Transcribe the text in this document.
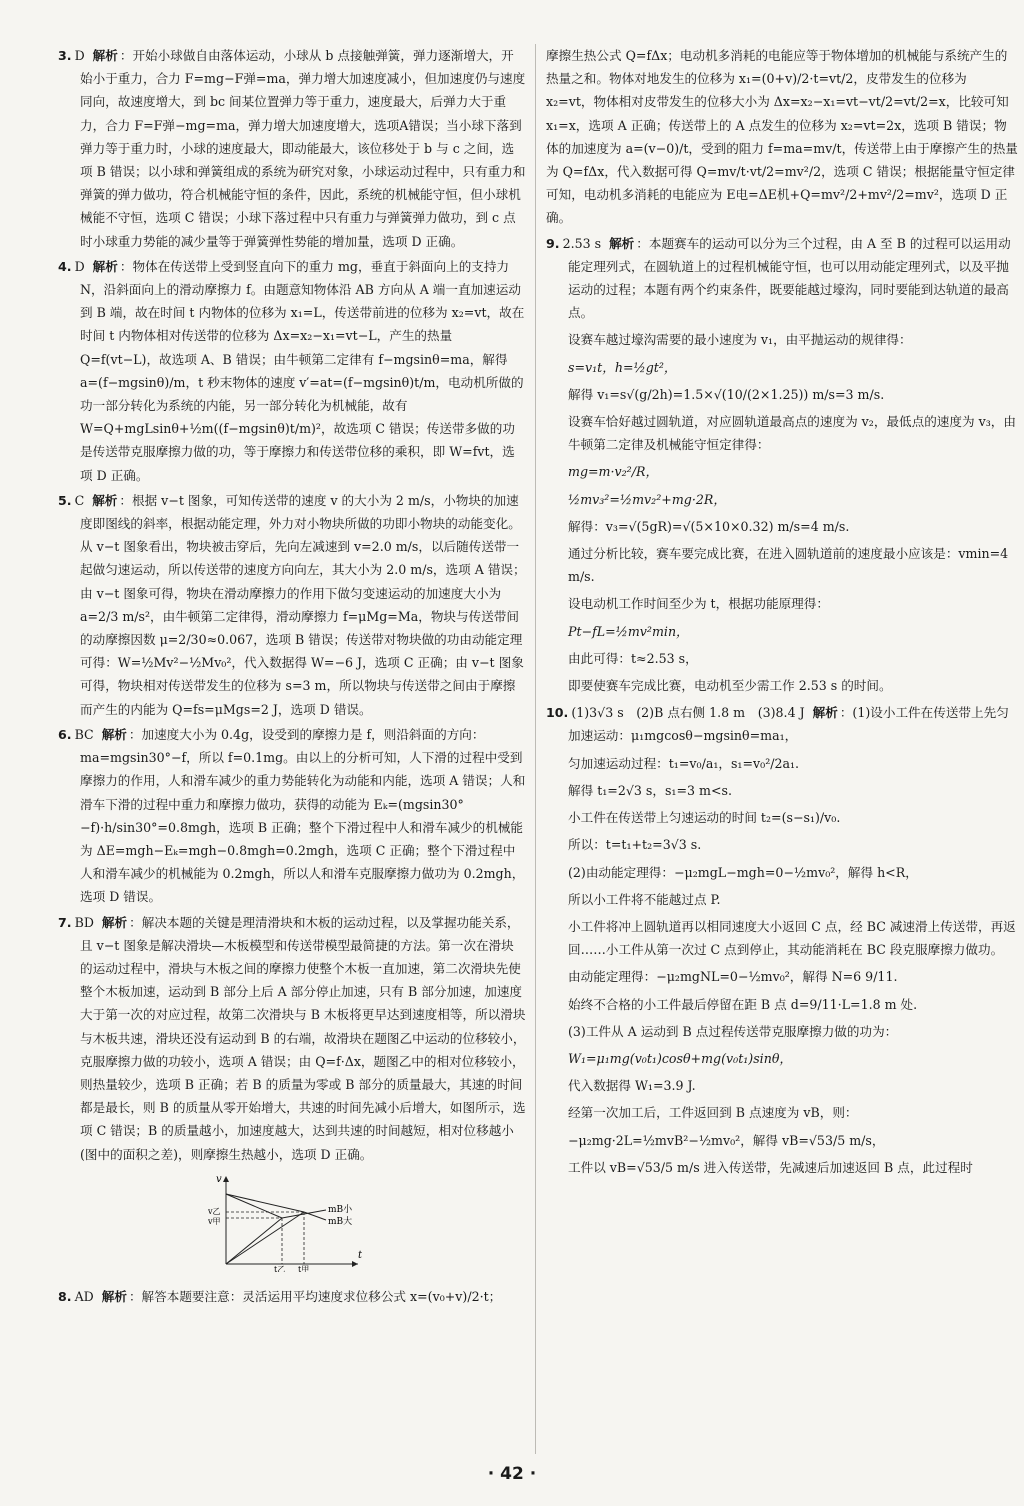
3. D 解析 ：开始小球做自由落体运动，小球从 b 点接触弹簧，弹力逐渐增大，开始小于重力，合力 F=mg−F弹=ma，弹力增大加速度减小，但加速度仍与速度同向，故速度增大，到 bc 间某位置弹力等于重力，速度最大，后弹力大于重力，合力 F=F弹−mg=ma，弹力增大加速度增大，选项A错误；当小球下落到弹力等于重力时，小球的速度最大，即动能最大，该位移处于 b 与 c 之间，选项 B 错误；以小球和弹簧组成的系统为研究对象，小球运动过程中，只有重力和弹簧的弹力做功，符合机械能守恒的条件，因此，系统的机械能守恒，但小球机械能不守恒，选项 C 错误；小球下落过程中只有重力与弹簧弹力做功，到 c 点时小球重力势能的减少量等于弹簧弹性势能的增加量，选项 D 正确。
4. D 解析 ：物体在传送带上受到竖直向下的重力 mg，垂直于斜面向上的支持力 N，沿斜面向上的滑动摩擦力 f。由题意知物体沿 AB 方向从 A 端一直加速运动到 B 端，故在时间 t 内物体的位移为 x₁=L，传送带前进的位移为 x₂=vt，故在时间 t 内物体相对传送带的位移为 Δx=x₂−x₁=vt−L，产生的热量 Q=f(vt−L)，故选项 A、B 错误；由牛顿第二定律有 f−mgsinθ=ma，解得 a=(f−mgsinθ)/m，t 秒末物体的速度 v′=at=(f−mgsinθ)t/m，电动机所做的功一部分转化为系统的内能，另一部分转化为机械能，故有 W=Q+mgLsinθ+½m((f−mgsinθ)t/m)²，故选项 C 错误；传送带多做的功是传送带克服摩擦力做的功，等于摩擦力和传送带位移的乘积，即 W=fvt，选项 D 正确。
5. C 解析 ：根据 v−t 图象，可知传送带的速度 v 的大小为 2 m/s，小物块的加速度即图线的斜率，根据动能定理，外力对小物块所做的功即小物块的动能变化。从 v−t 图象看出，物块被击穿后，先向左减速到 v=2.0 m/s，以后随传送带一起做匀速运动，所以传送带的速度方向向左，其大小为 2.0 m/s，选项 A 错误；由 v−t 图象可得，物块在滑动摩擦力的作用下做匀变速运动的加速度大小为 a=2/3 m/s²，由牛顿第二定律得，滑动摩擦力 f=μMg=Ma，物块与传送带间的动摩擦因数 μ=2/30≈0.067，选项 B 错误；传送带对物块做的功由动能定理可得：W=½Mv²−½Mv₀²，代入数据得 W=−6 J，选项 C 正确；由 v−t 图象可得，物块相对传送带发生的位移为 s=3 m，所以物块与传送带之间由于摩擦而产生的内能为 Q=fs=μMgs=2 J，选项 D 错误。
6. BC 解析 ：加速度大小为 0.4g，设受到的摩擦力是 f，则沿斜面的方向：ma=mgsin30°−f，所以 f=0.1mg。由以上的分析可知，人下滑的过程中受到摩擦力的作用，人和滑车减少的重力势能转化为动能和内能，选项 A 错误；人和滑车下滑的过程中重力和摩擦力做功，获得的动能为 Eₖ=(mgsin30°−f)·h/sin30°=0.8mgh，选项 B 正确；整个下滑过程中人和滑车减少的机械能为 ΔE=mgh−Eₖ=mgh−0.8mgh=0.2mgh，选项 C 正确；整个下滑过程中人和滑车减少的机械能为 0.2mgh，所以人和滑车克服摩擦力做功为 0.2mgh，选项 D 错误。
7. BD 解析 ：解决本题的关键是理清滑块和木板的运动过程，以及掌握功能关系，且 v−t 图象是解决滑块—木板模型和传送带模型最简捷的方法。第一次在滑块的运动过程中，滑块与木板之间的摩擦力使整个木板一直加速，第二次滑块先使整个木板加速，运动到 B 部分上后 A 部分停止加速，只有 B 部分加速，加速度大于第一次的对应过程，故第二次滑块与 B 木板将更早达到速度相等，所以滑块与木板共速，滑块还没有运动到 B 的右端，故滑块在题图乙中运动的位移较小，克服摩擦力做的功较小，选项 A 错误；由 Q=f·Δx，题图乙中的相对位移较小，则热量较少，选项 B 正确；若 B 的质量为零或 B 部分的质量最大，其速的时间都是最长，则 B 的质量从零开始增大，共速的时间先减小后增大，如图所示，选项 C 错误；B 的质量越小，加速度越大，达到共速的时间越短，相对位移越小(图中的面积之差)，则摩擦生热越小，选项 D 正确。
v
t
v乙
v甲
t乙 t甲
mB小
mB大
8. AD 解析 ：解答本题要注意：灵活运用平均速度求位移公式 x=(v₀+v)/2·t；
摩擦生热公式 Q=fΔx；电动机多消耗的电能应等于物体增加的机械能与系统产生的热量之和。物体对地发生的位移为 x₁=(0+v)/2·t=vt/2，皮带发生的位移为 x₂=vt，物体相对皮带发生的位移大小为 Δx=x₂−x₁=vt−vt/2=vt/2=x，比较可知 x₁=x，选项 A 正确；传送带上的 A 点发生的位移为 x₂=vt=2x，选项 B 错误；物体的加速度为 a=(v−0)/t，受到的阻力 f=ma=mv/t，传送带上由于摩擦产生的热量为 Q=fΔx，代入数据可得 Q=mv/t·vt/2=mv²/2，选项 C 错误；根据能量守恒定律可知，电动机多消耗的电能应为 E电=ΔE机+Q=mv²/2+mv²/2=mv²，选项 D 正确。
9. 2.53 s 解析 ：本题赛车的运动可以分为三个过程，由 A 至 B 的过程可以运用动能定理列式，在圆轨道上的过程机械能守恒，也可以用动能定理列式，以及平抛运动的过程；本题有两个约束条件，既要能越过壕沟，同时要能到达轨道的最高点。
设赛车越过壕沟需要的最小速度为 v₁，由平抛运动的规律得：
s=v₁t，h=½gt²，
解得 v₁=s√(g/2h)=1.5×√(10/(2×1.25)) m/s=3 m/s.
设赛车恰好越过圆轨道，对应圆轨道最高点的速度为 v₂，最低点的速度为 v₃，由牛顿第二定律及机械能守恒定律得：
mg=m·v₂²/R，
½mv₃²=½mv₂²+mg·2R，
解得：v₃=√(5gR)=√(5×10×0.32) m/s=4 m/s.
通过分析比较，赛车要完成比赛，在进入圆轨道前的速度最小应该是：vmin=4 m/s.
设电动机工作时间至少为 t，根据功能原理得：
Pt−fL=½mv²min，
由此可得：t≈2.53 s，
即要使赛车完成比赛，电动机至少需工作 2.53 s 的时间。
10. (1)3√3 s　(2)B 点右侧 1.8 m　(3)8.4 J 解析 ：(1)设小工件在传送带上先匀加速运动：μ₁mgcosθ−mgsinθ=ma₁，
匀加速运动过程：t₁=v₀/a₁，s₁=v₀²/2a₁.
解得 t₁=2√3 s，s₁=3 m<s.
小工件在传送带上匀速运动的时间 t₂=(s−s₁)/v₀.
所以：t=t₁+t₂=3√3 s.
(2)由动能定理得：−μ₂mgL−mgh=0−½mv₀²，解得 h<R，
所以小工件将不能越过点 P.
小工件将冲上圆轨道再以相同速度大小返回 C 点，经 BC 减速滑上传送带，再返回……小工件从第一次过 C 点到停止，其动能消耗在 BC 段克服摩擦力做功。
由动能定理得：−μ₂mgNL=0−½mv₀²，解得 N=6 9/11.
始终不合格的小工件最后停留在距 B 点 d=9/11·L=1.8 m 处.
(3)工件从 A 运动到 B 点过程传送带克服摩擦力做的功为：
W₁=μ₁mg(v₀t₁)cosθ+mg(v₀t₁)sinθ，
代入数据得 W₁=3.9 J.
经第一次加工后，工件返回到 B 点速度为 vB，则：
−μ₂mg·2L=½mvB²−½mv₀²，解得 vB=√53/5 m/s，
工件以 vB=√53/5 m/s 进入传送带，先减速后加速返回 B 点，此过程时
· 42 ·
